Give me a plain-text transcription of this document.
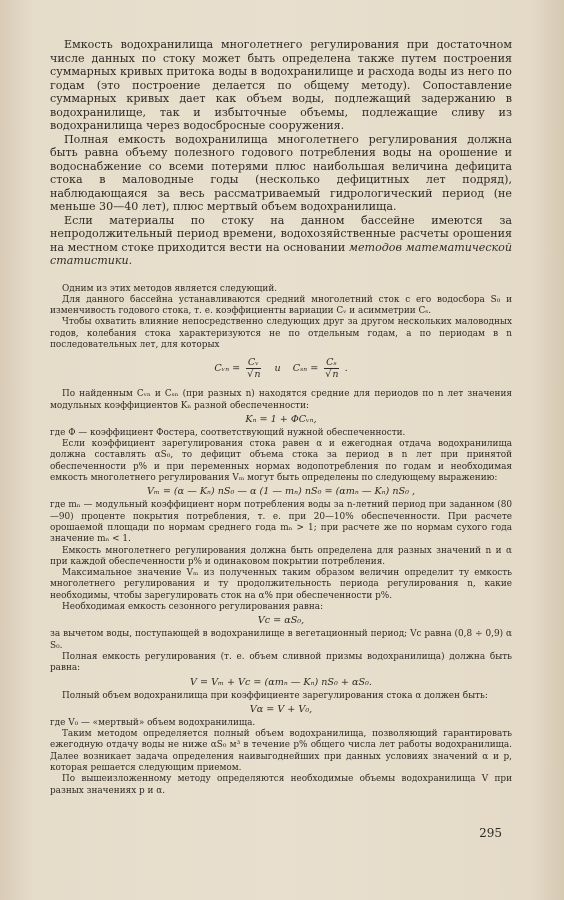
Емкость водохранилища многолетнего регулирования при достаточном числе данных по стоку может быть определена также путем построения суммарных кривых притока воды в водохранилище и расхода воды из него по годам (это построение делается по общему методу). Сопоставление суммарных кривых дает как объем воды, подлежащий задержанию в водохранилище, так и избыточные объемы, подлежащие сливу из водохранилища через водосбросные сооружения.

Полная емкость водохранилища многолетнего регулирования должна быть равна объему полезного годового потребления воды на орошение и водоснабжение со всеми потерями плюс наибольшая величина дефицита стока в маловодные годы (несколько дефицитных лет подряд), наблюдающаяся за весь рассматриваемый гидрологический период (не меньше 30—40 лет), плюс мертвый объем водохранилища.

Если материалы по стоку на данном бассейне имеются за непродолжительный период времени, водохозяйственные расчеты орошения на местном стоке приходится вести на основании методов математической статистики.

Одним из этих методов является следующий.

Для данного бассейна устанавливаются средний многолетний сток с его водосбора S₀ и изменчивость годового стока, т. е. коэффициенты вариации Cᵥ и асимметрии Cₛ.

Чтобы охватить влияние непосредственно следующих друг за другом нескольких маловодных годов, колебания стока характеризуются не по отдельным годам, а по периодам в n последовательных лет, для которых

Cᵥₙ = Cᵥ
√ n и Cₛₙ = Cₛ
√ n .

По найденным Cᵥₙ и Cₛₙ (при разных n) находятся средние для периодов по n лет значения модульных коэффициентов Kₙ разной обеспеченности:

Kₙ = 1 + ΦCᵥₙ,

где Φ — коэффициент Фостера, соответствующий нужной обеспеченности.

Если коэффициент зарегулирования стока равен α и ежегодная отдача водохранилища должна составлять αS₀, то дефицит объема стока за период в n лет при принятой обеспеченности p% и при переменных нормах водопотребления по годам и необходимая емкость многолетнего регулирования Vₘ могут быть определены по следующему выражению:

Vₘ = (α — Kₙ) nS₀ — α (1 — mₙ) nS₀ = (αmₙ — Kₙ) nS₀ ,

где mₙ — модульный коэффициент норм потребления воды за n-летний период при заданном (80—90) проценте покрытия потребления, т. е. при 20—10% обеспеченности. При расчете орошаемой площади по нормам среднего года mₙ > 1; при расчете же по нормам сухого года значение mₙ < 1.

Емкость многолетнего регулирования должна быть определена для разных значений n и α при каждой обеспеченности p% и одинаковом покрытии потребления.

Максимальное значение Vₘ из полученных таким образом величин определит ту емкость многолетнего регулирования и ту продолжительность периода регулирования n, какие необходимы, чтобы зарегулировать сток на α% при обеспеченности p%.

Необходимая емкость сезонного регулирования равна:

Vc = αS₀,

за вычетом воды, поступающей в водохранилище в вегетационный период; Vc равна (0,8 ÷ 0,9) α S₀.

Полная емкость регулирования (т. е. объем сливной призмы водохранилища) должна быть равна:

V = Vₘ + Vc = (αmₙ — Kₙ) nS₀ + αS₀.

Полный объем водохранилища при коэффициенте зарегулирования стока α должен быть:

Vα = V + V₀,

где V₀ — «мертвый» объем водохранилища.

Таким методом определяется полный объем водохранилища, позволяющий гарантировать ежегодную отдачу воды не ниже αS₀ м³ в течение p% общего числа лет работы водохранилища. Далее возникает задача определения наивыгоднейших при данных условиях значений α и p, которая решается следующим приемом.

По вышеизложенному методу определяются необходимые объемы водохранилища V при разных значениях p и α.

295
